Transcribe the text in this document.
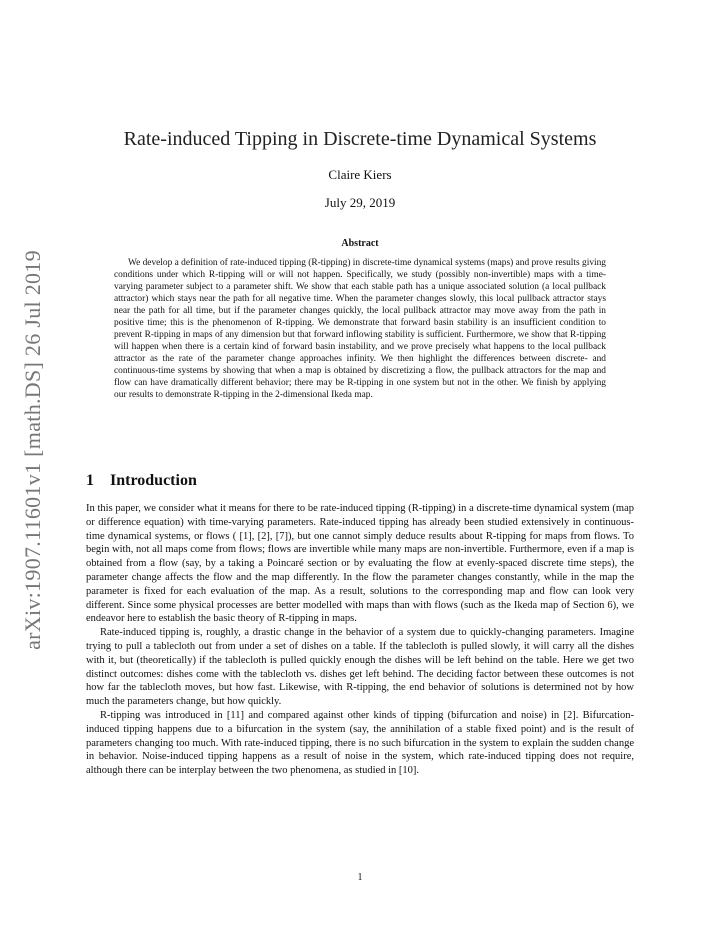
arXiv:1907.11601v1 [math.DS] 26 Jul 2019
Rate-induced Tipping in Discrete-time Dynamical Systems
Claire Kiers
July 29, 2019
Abstract

We develop a definition of rate-induced tipping (R-tipping) in discrete-time dynamical systems (maps) and prove results giving conditions under which R-tipping will or will not happen. Specifically, we study (possibly non-invertible) maps with a time-varying parameter subject to a parameter shift. We show that each stable path has a unique associated solution (a local pullback attractor) which stays near the path for all negative time. When the parameter changes slowly, this local pullback attractor stays near the path for all time, but if the parameter changes quickly, the local pullback attractor may move away from the path in positive time; this is the phenomenon of R-tipping. We demonstrate that forward basin stability is an insufficient condition to prevent R-tipping in maps of any dimension but that forward inflowing stability is sufficient. Furthermore, we show that R-tipping will happen when there is a certain kind of forward basin instability, and we prove precisely what happens to the local pullback attractor as the rate of the parameter change approaches infinity. We then highlight the differences between discrete- and continuous-time systems by showing that when a map is obtained by discretizing a flow, the pullback attractors for the map and flow can have dramatically different behavior; there may be R-tipping in one system but not in the other. We finish by applying our results to demonstrate R-tipping in the 2-dimensional Ikeda map.

1 Introduction

In this paper, we consider what it means for there to be rate-induced tipping (R-tipping) in a discrete-time dynamical system (map or difference equation) with time-varying parameters. Rate-induced tipping has already been studied extensively in continuous-time dynamical systems, or flows ( [1], [2], [7]), but one cannot simply deduce results about R-tipping for maps from flows. To begin with, not all maps come from flows; flows are invertible while many maps are non-invertible. Furthermore, even if a map is obtained from a flow (say, by a taking a Poincaré section or by evaluating the flow at evenly-spaced discrete time steps), the parameter change affects the flow and the map differently. In the flow the parameter changes constantly, while in the map the parameter is fixed for each evaluation of the map. As a result, solutions to the corresponding map and flow can look very different. Since some physical processes are better modelled with maps than with flows (such as the Ikeda map of Section 6), we endeavor here to establish the basic theory of R-tipping in maps.

Rate-induced tipping is, roughly, a drastic change in the behavior of a system due to quickly-changing parameters. Imagine trying to pull a tablecloth out from under a set of dishes on a table. If the tablecloth is pulled slowly, it will carry all the dishes with it, but (theoretically) if the tablecloth is pulled quickly enough the dishes will be left behind on the table. Here we get two distinct outcomes: dishes come with the tablecloth vs. dishes get left behind. The deciding factor between these outcomes is not how far the tablecloth moves, but how fast. Likewise, with R-tipping, the end behavior of solutions is determined not by how much the parameters change, but how quickly.

R-tipping was introduced in [11] and compared against other kinds of tipping (bifurcation and noise) in [2]. Bifurcation-induced tipping happens due to a bifurcation in the system (say, the annihilation of a stable fixed point) and is the result of parameters changing too much. With rate-induced tipping, there is no such bifurcation in the system to explain the sudden change in behavior. Noise-induced tipping happens as a result of noise in the system, which rate-induced tipping does not require, although there can be interplay between the two phenomena, as studied in [10].

1
